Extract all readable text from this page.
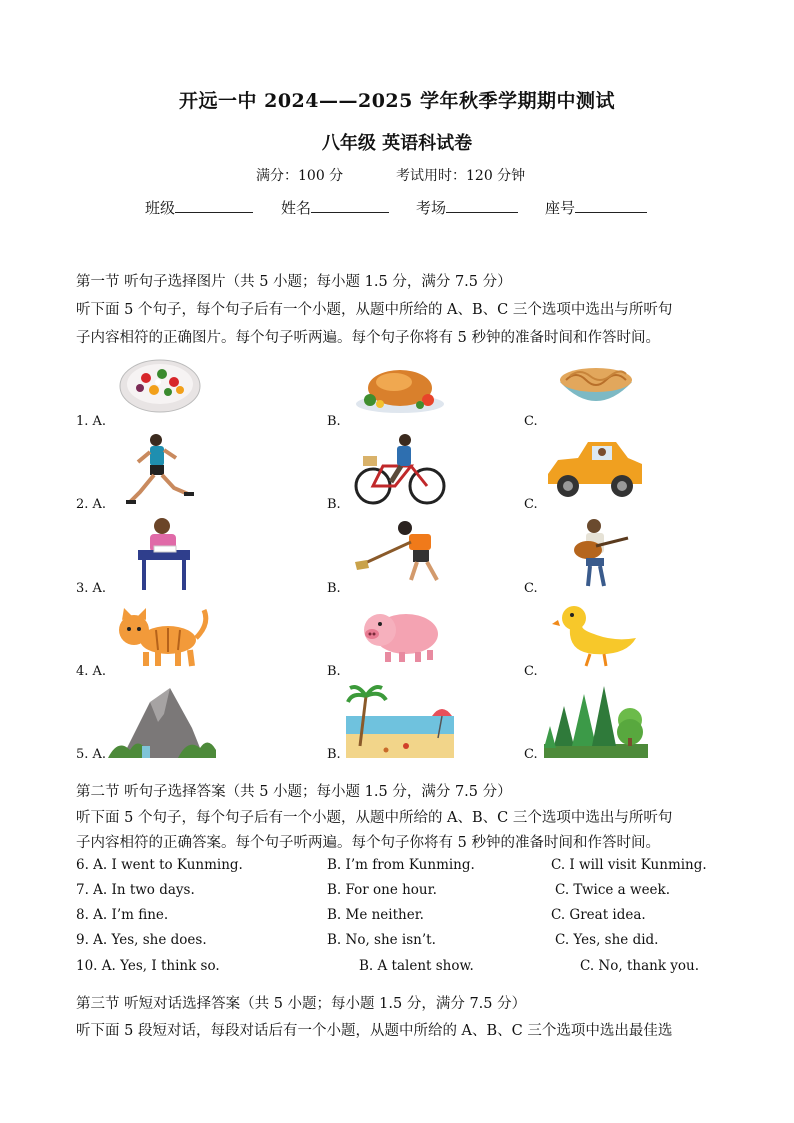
开远一中 2024——2025 学年秋季学期期中测试
八年级 英语科试卷
满分：100 分	考试用时：120 分钟
班级	姓名	考场	座号
第一节 听句子选择图片（共 5 小题；每小题 1.5 分，满分 7.5 分）
听下面 5 个句子，每个句子后有一个小题，从题中所给的 A、B、C 三个选项中选出与所听句
子内容相符的正确图片。每个句子听两遍。每个句子你将有 5 秒钟的准备时间和作答时间。
1. A.	B.	C.
2. A.	B.	C.
3. A.	B.	C.
4. A.	B.	C.
5. A.	B.	C.
第二节 听句子选择答案（共 5 小题；每小题 1.5 分，满分 7.5 分）
听下面 5 个句子，每个句子后有一个小题，从题中所给的 A、B、C 三个选项中选出与所听句
子内容相符的正确答案。每个句子听两遍。每个句子你将有 5 秒钟的准备时间和作答时间。
6. A. I went to Kunming.	B. I’m from Kunming.	C. I will visit Kunming.
7. A. In two days.	B. For one hour.	C. Twice a week.
8. A. I’m fine.	B. Me neither.	C. Great idea.
9. A. Yes, she does.	B. No, she isn’t.	C. Yes, she did.
10. A. Yes, I think so.	B. A talent show.	C. No, thank you.
第三节 听短对话选择答案（共 5 小题；每小题 1.5 分，满分 7.5 分）
听下面 5 段短对话，每段对话后有一个小题，从题中所给的 A、B、C 三个选项中选出最佳选
